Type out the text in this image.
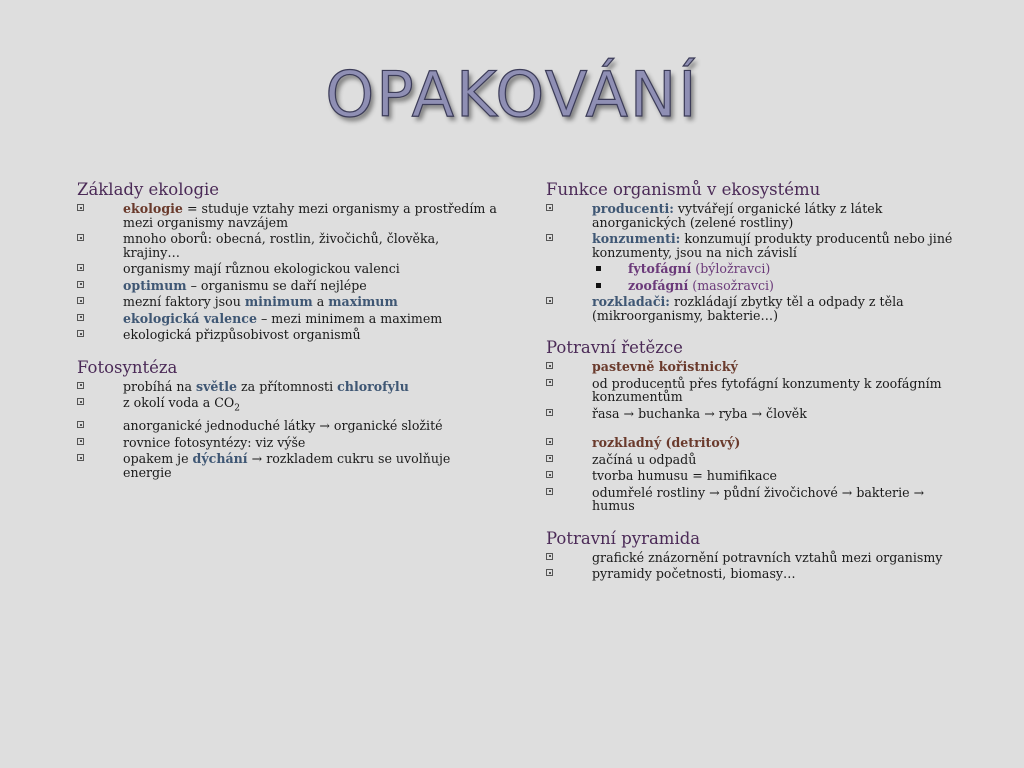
OPAKOVÁNÍ
Základy ekologie
ekologie = studuje vztahy mezi organismy a prostředím a mezi organismy navzájem
mnoho oborů: obecná, rostlin, živočichů, člověka, krajiny…
organismy mají různou ekologickou valenci
optimum – organismu se daří nejlépe
mezní faktory jsou minimum a maximum
ekologická valence – mezi minimem a maximem
ekologická přizpůsobivost organismů
Fotosyntéza
probíhá na světle za přítomnosti chlorofylu
z okolí voda a $CO_2$
anorganické jednoduché látky → organické složité
rovnice fotosyntézy: viz výše
opakem je dýchání → rozkladem cukru se uvolňuje energie
Funkce organismů v ekosystému
producenti: vytvářejí organické látky z látek anorganických (zelené rostliny)
konzumenti: konzumují produkty producentů nebo jiné konzumenty, jsou na nich závislí
fytofágní (býložravci)
zoofágní (masožravci)
rozkladači: rozkládají zbytky těl a odpady z těla (mikroorganismy, bakterie…)
Potravní řetězce
pastevně kořistnický
od producentů přes fytofágní konzumenty k zoofágním konzumentům
řasa → buchanka → ryba → člověk
rozkladný (detritový)
začíná u odpadů
tvorba humusu = humifikace
odumřelé rostliny → půdní živočichové → bakterie → humus
Potravní pyramida
grafické znázornění potravních vztahů mezi organismy
pyramidy početnosti, biomasy…
